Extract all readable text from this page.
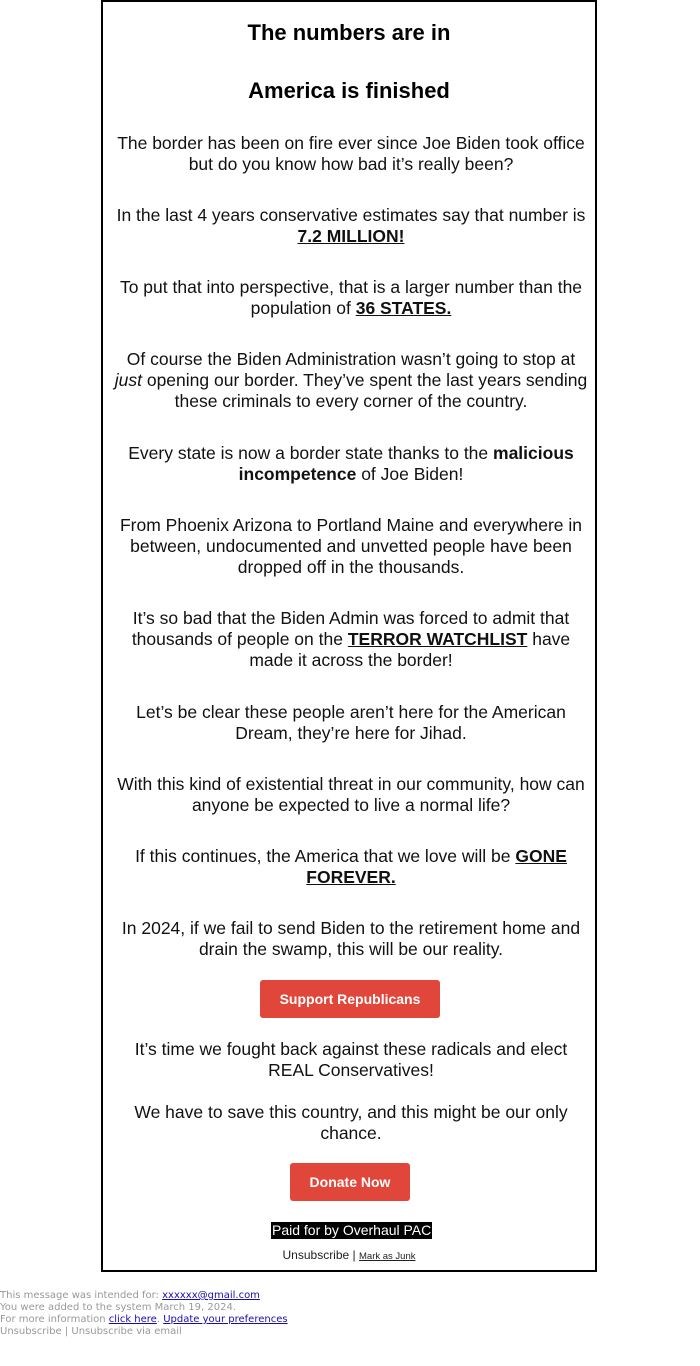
The numbers are in
America is finished
The border has been on fire ever since Joe Biden took office but do you know how bad it’s really been?
In the last 4 years conservative estimates say that number is 7.2 MILLION!
To put that into perspective, that is a larger number than the population of 36 STATES.
Of course the Biden Administration wasn’t going to stop at just opening our border. They’ve spent the last years sending these criminals to every corner of the country.
Every state is now a border state thanks to the malicious incompetence of Joe Biden!
From Phoenix Arizona to Portland Maine and everywhere in between, undocumented and unvetted people have been dropped off in the thousands.
It’s so bad that the Biden Admin was forced to admit that thousands of people on the TERROR WATCHLIST have made it across the border!
Let’s be clear these people aren’t here for the American Dream, they’re here for Jihad.
With this kind of existential threat in our community, how can anyone be expected to live a normal life?
If this continues, the America that we love will be GONE FOREVER.
In 2024, if we fail to send Biden to the retirement home and drain the swamp, this will be our reality.
Support Republicans
It’s time we fought back against these radicals and elect REAL Conservatives!
We have to save this country, and this might be our only chance.
Donate Now
Paid for by Overhaul PAC
Unsubscribe | Mark as Junk
This message was intended for: xxxxxx@gmail.com
You were added to the system March 19, 2024.
For more information click here. Update your preferences
Unsubscribe | Unsubscribe via email
